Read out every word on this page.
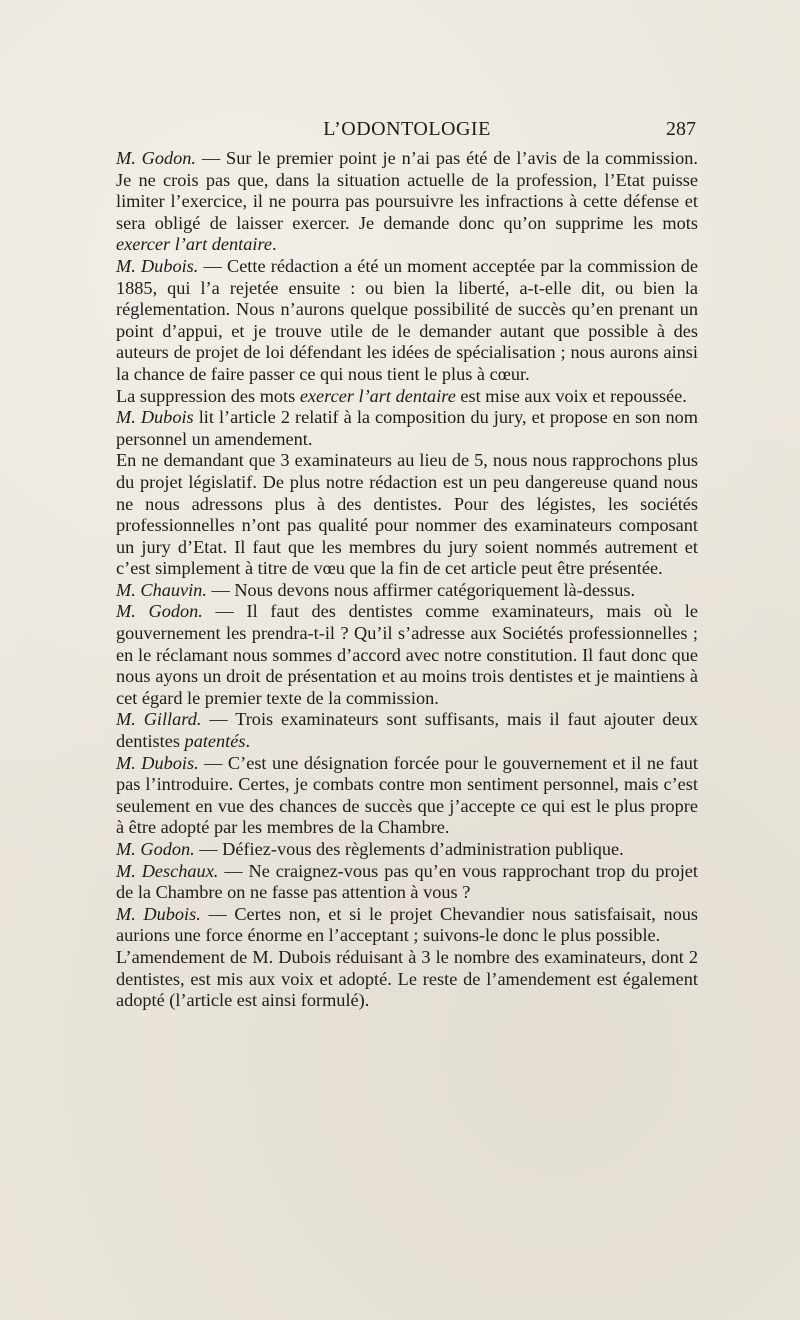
L’ODONTOLOGIE	287

M. Godon. — Sur le premier point je n’ai pas été de l’avis de la commission. Je ne crois pas que, dans la situation actuelle de la profession, l’Etat puisse limiter l’exercice, il ne pourra pas poursuivre les infractions à cette défense et sera obligé de laisser exercer. Je demande donc qu’on supprime les mots exercer l’art dentaire.

M. Dubois. — Cette rédaction a été un moment acceptée par la commission de 1885, qui l’a rejetée ensuite : ou bien la liberté, a-t-elle dit, ou bien la réglementation. Nous n’aurons quelque possibilité de succès qu’en prenant un point d’appui, et je trouve utile de le demander autant que possible à des auteurs de projet de loi défendant les idées de spécialisation ; nous aurons ainsi la chance de faire passer ce qui nous tient le plus à cœur.

La suppression des mots exercer l’art dentaire est mise aux voix et repoussée.

M. Dubois lit l’article 2 relatif à la composition du jury, et propose en son nom personnel un amendement.

En ne demandant que 3 examinateurs au lieu de 5, nous nous rapprochons plus du projet législatif. De plus notre rédaction est un peu dangereuse quand nous ne nous adressons plus à des dentistes. Pour des légistes, les sociétés professionnelles n’ont pas qualité pour nommer des examinateurs composant un jury d’Etat. Il faut que les membres du jury soient nommés autrement et c’est simplement à titre de vœu que la fin de cet article peut être présentée.

M. Chauvin. — Nous devons nous affirmer catégoriquement là-dessus.

M. Godon. — Il faut des dentistes comme examinateurs, mais où le gouvernement les prendra-t-il ? Qu’il s’adresse aux Sociétés professionnelles ; en le réclamant nous sommes d’accord avec notre constitution. Il faut donc que nous ayons un droit de présentation et au moins trois dentistes et je maintiens à cet égard le premier texte de la commission.

M. Gillard. — Trois examinateurs sont suffisants, mais il faut ajouter deux dentistes patentés.

M. Dubois. — C’est une désignation forcée pour le gouvernement et il ne faut pas l’introduire. Certes, je combats contre mon sentiment personnel, mais c’est seulement en vue des chances de succès que j’accepte ce qui est le plus propre à être adopté par les membres de la Chambre.

M. Godon. — Défiez-vous des règlements d’administration publique.

M. Deschaux. — Ne craignez-vous pas qu’en vous rapprochant trop du projet de la Chambre on ne fasse pas attention à vous ?

M. Dubois. — Certes non, et si le projet Chevandier nous satisfaisait, nous aurions une force énorme en l’acceptant ; suivons-le donc le plus possible.

L’amendement de M. Dubois réduisant à 3 le nombre des examinateurs, dont 2 dentistes, est mis aux voix et adopté. Le reste de l’amendement est également adopté (l’article est ainsi formulé).
